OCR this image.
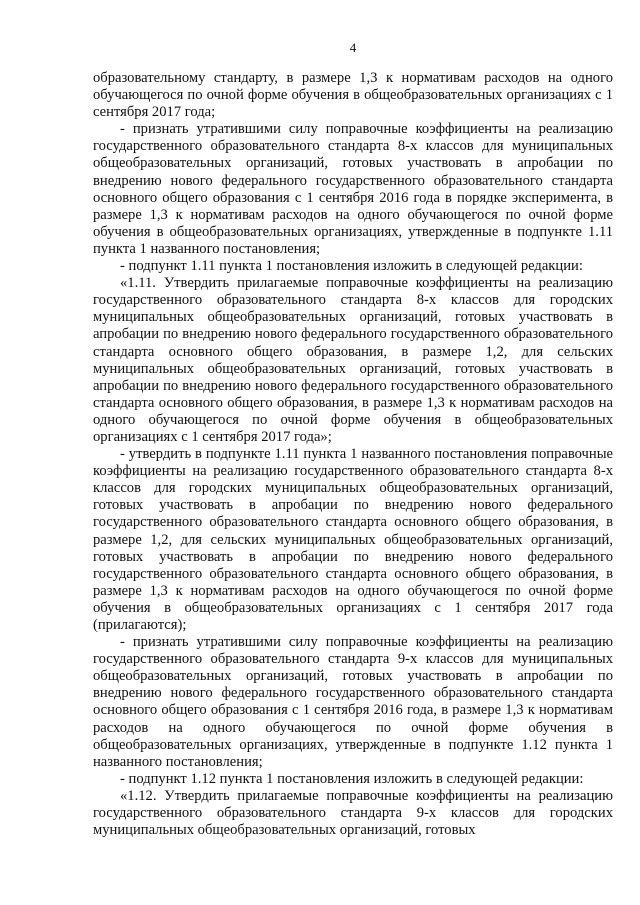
4

образовательному стандарту, в размере 1,3 к нормативам расходов на одного обучающегося по очной форме обучения в общеобразовательных организациях с 1 сентября 2017 года;

- признать утратившими силу поправочные коэффициенты на реализацию государственного образовательного стандарта 8-х классов для муниципальных общеобразовательных организаций, готовых участвовать в апробации по внедрению нового федерального государственного образовательного стандарта основного общего образования с 1 сентября 2016 года в порядке эксперимента, в размере 1,3 к нормативам расходов на одного обучающегося по очной форме обучения в общеобразовательных организациях, утвержденные в подпункте 1.11 пункта 1 названного постановления;

- подпункт 1.11 пункта 1 постановления изложить в следующей редакции:

«1.11. Утвердить прилагаемые поправочные коэффициенты на реализацию государственного образовательного стандарта 8-х классов для городских муниципальных общеобразовательных организаций, готовых участвовать в апробации по внедрению нового федерального государственного образовательного стандарта основного общего образования, в размере 1,2, для сельских муниципальных общеобразовательных организаций, готовых участвовать в апробации по внедрению нового федерального государственного образовательного стандарта основного общего образования, в размере 1,3 к нормативам расходов на одного обучающегося по очной форме обучения в общеобразовательных организациях с 1 сентября 2017 года»;

- утвердить в подпункте 1.11 пункта 1 названного постановления поправочные коэффициенты на реализацию государственного образовательного стандарта 8-х классов для городских муниципальных общеобразовательных организаций, готовых участвовать в апробации по внедрению нового федерального государственного образовательного стандарта основного общего образования, в размере 1,2, для сельских муниципальных общеобразовательных организаций, готовых участвовать в апробации по внедрению нового федерального государственного образовательного стандарта основного общего образования, в размере 1,3 к нормативам расходов на одного обучающегося по очной форме обучения в общеобразовательных организациях с 1 сентября 2017 года (прилагаются);

- признать утратившими силу поправочные коэффициенты на реализацию государственного образовательного стандарта 9-х классов для муниципальных общеобразовательных организаций, готовых участвовать в апробации по внедрению нового федерального государственного образовательного стандарта основного общего образования с 1 сентября 2016 года, в размере 1,3 к нормативам расходов на одного обучающегося по очной форме обучения в общеобразовательных организациях, утвержденные в подпункте 1.12 пункта 1 названного постановления;

- подпункт 1.12 пункта 1 постановления изложить в следующей редакции:

«1.12. Утвердить прилагаемые поправочные коэффициенты на реализацию государственного образовательного стандарта 9-х классов для городских муниципальных общеобразовательных организаций, готовых
